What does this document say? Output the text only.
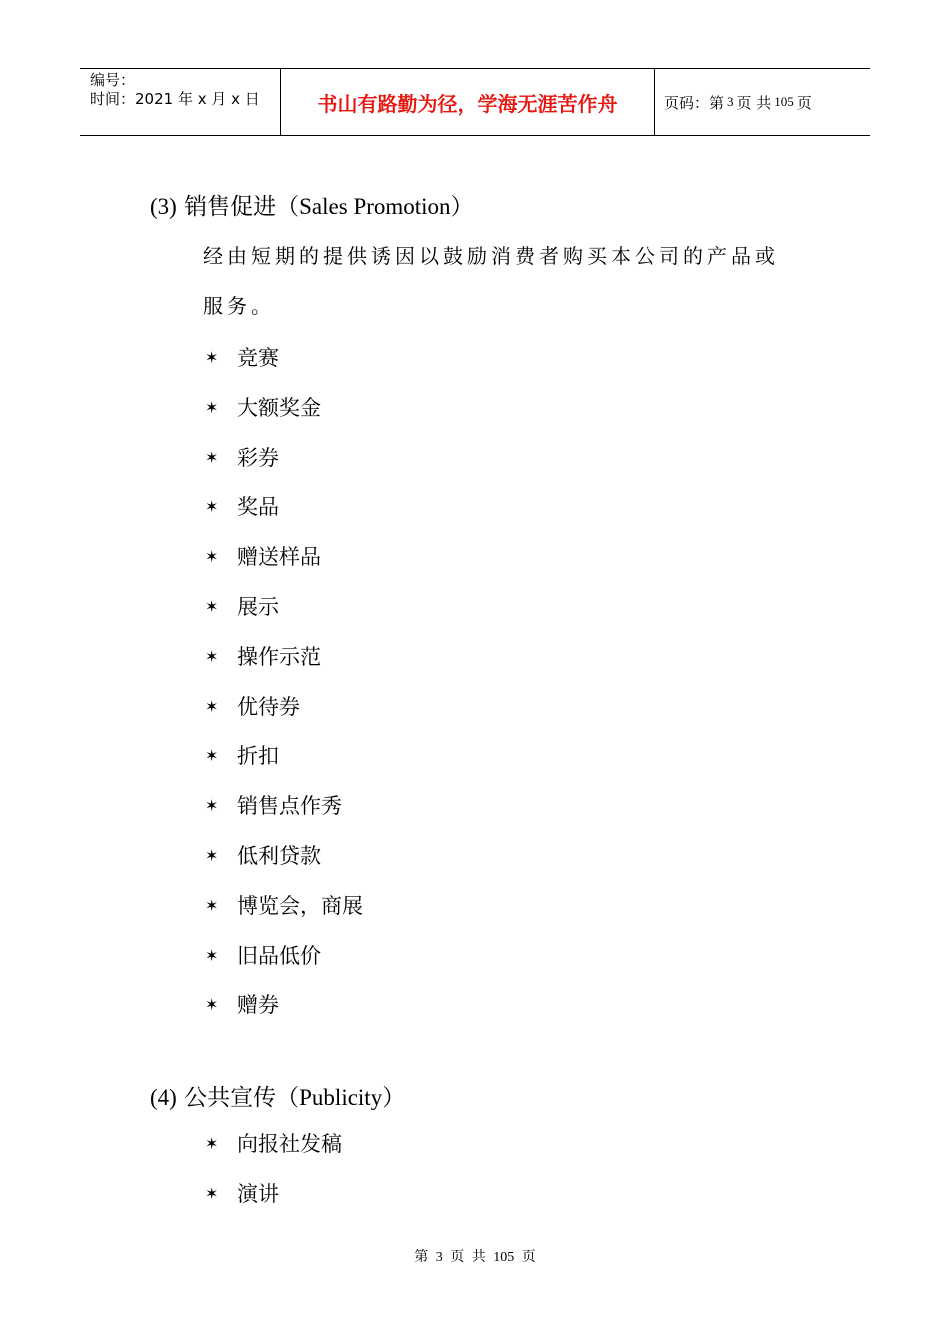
编号：
时间：2021 年 x 月 x 日	书山有路勤为径，学海无涯苦作舟	页码：第 3 页 共 105 页
(3) 销售促进（Sales Promotion）
经由短期的提供诱因以鼓励消费者购买本公司的产品或
服务。
✶ 竞赛
✶ 大额奖金
✶ 彩券
✶ 奖品
✶ 赠送样品
✶ 展示
✶ 操作示范
✶ 优待券
✶ 折扣
✶ 销售点作秀
✶ 低利贷款
✶ 博览会，商展
✶ 旧品低价
✶ 赠券
(4) 公共宣传（Publicity）
✶ 向报社发稿
✶ 演讲
第 3 页 共 105 页
